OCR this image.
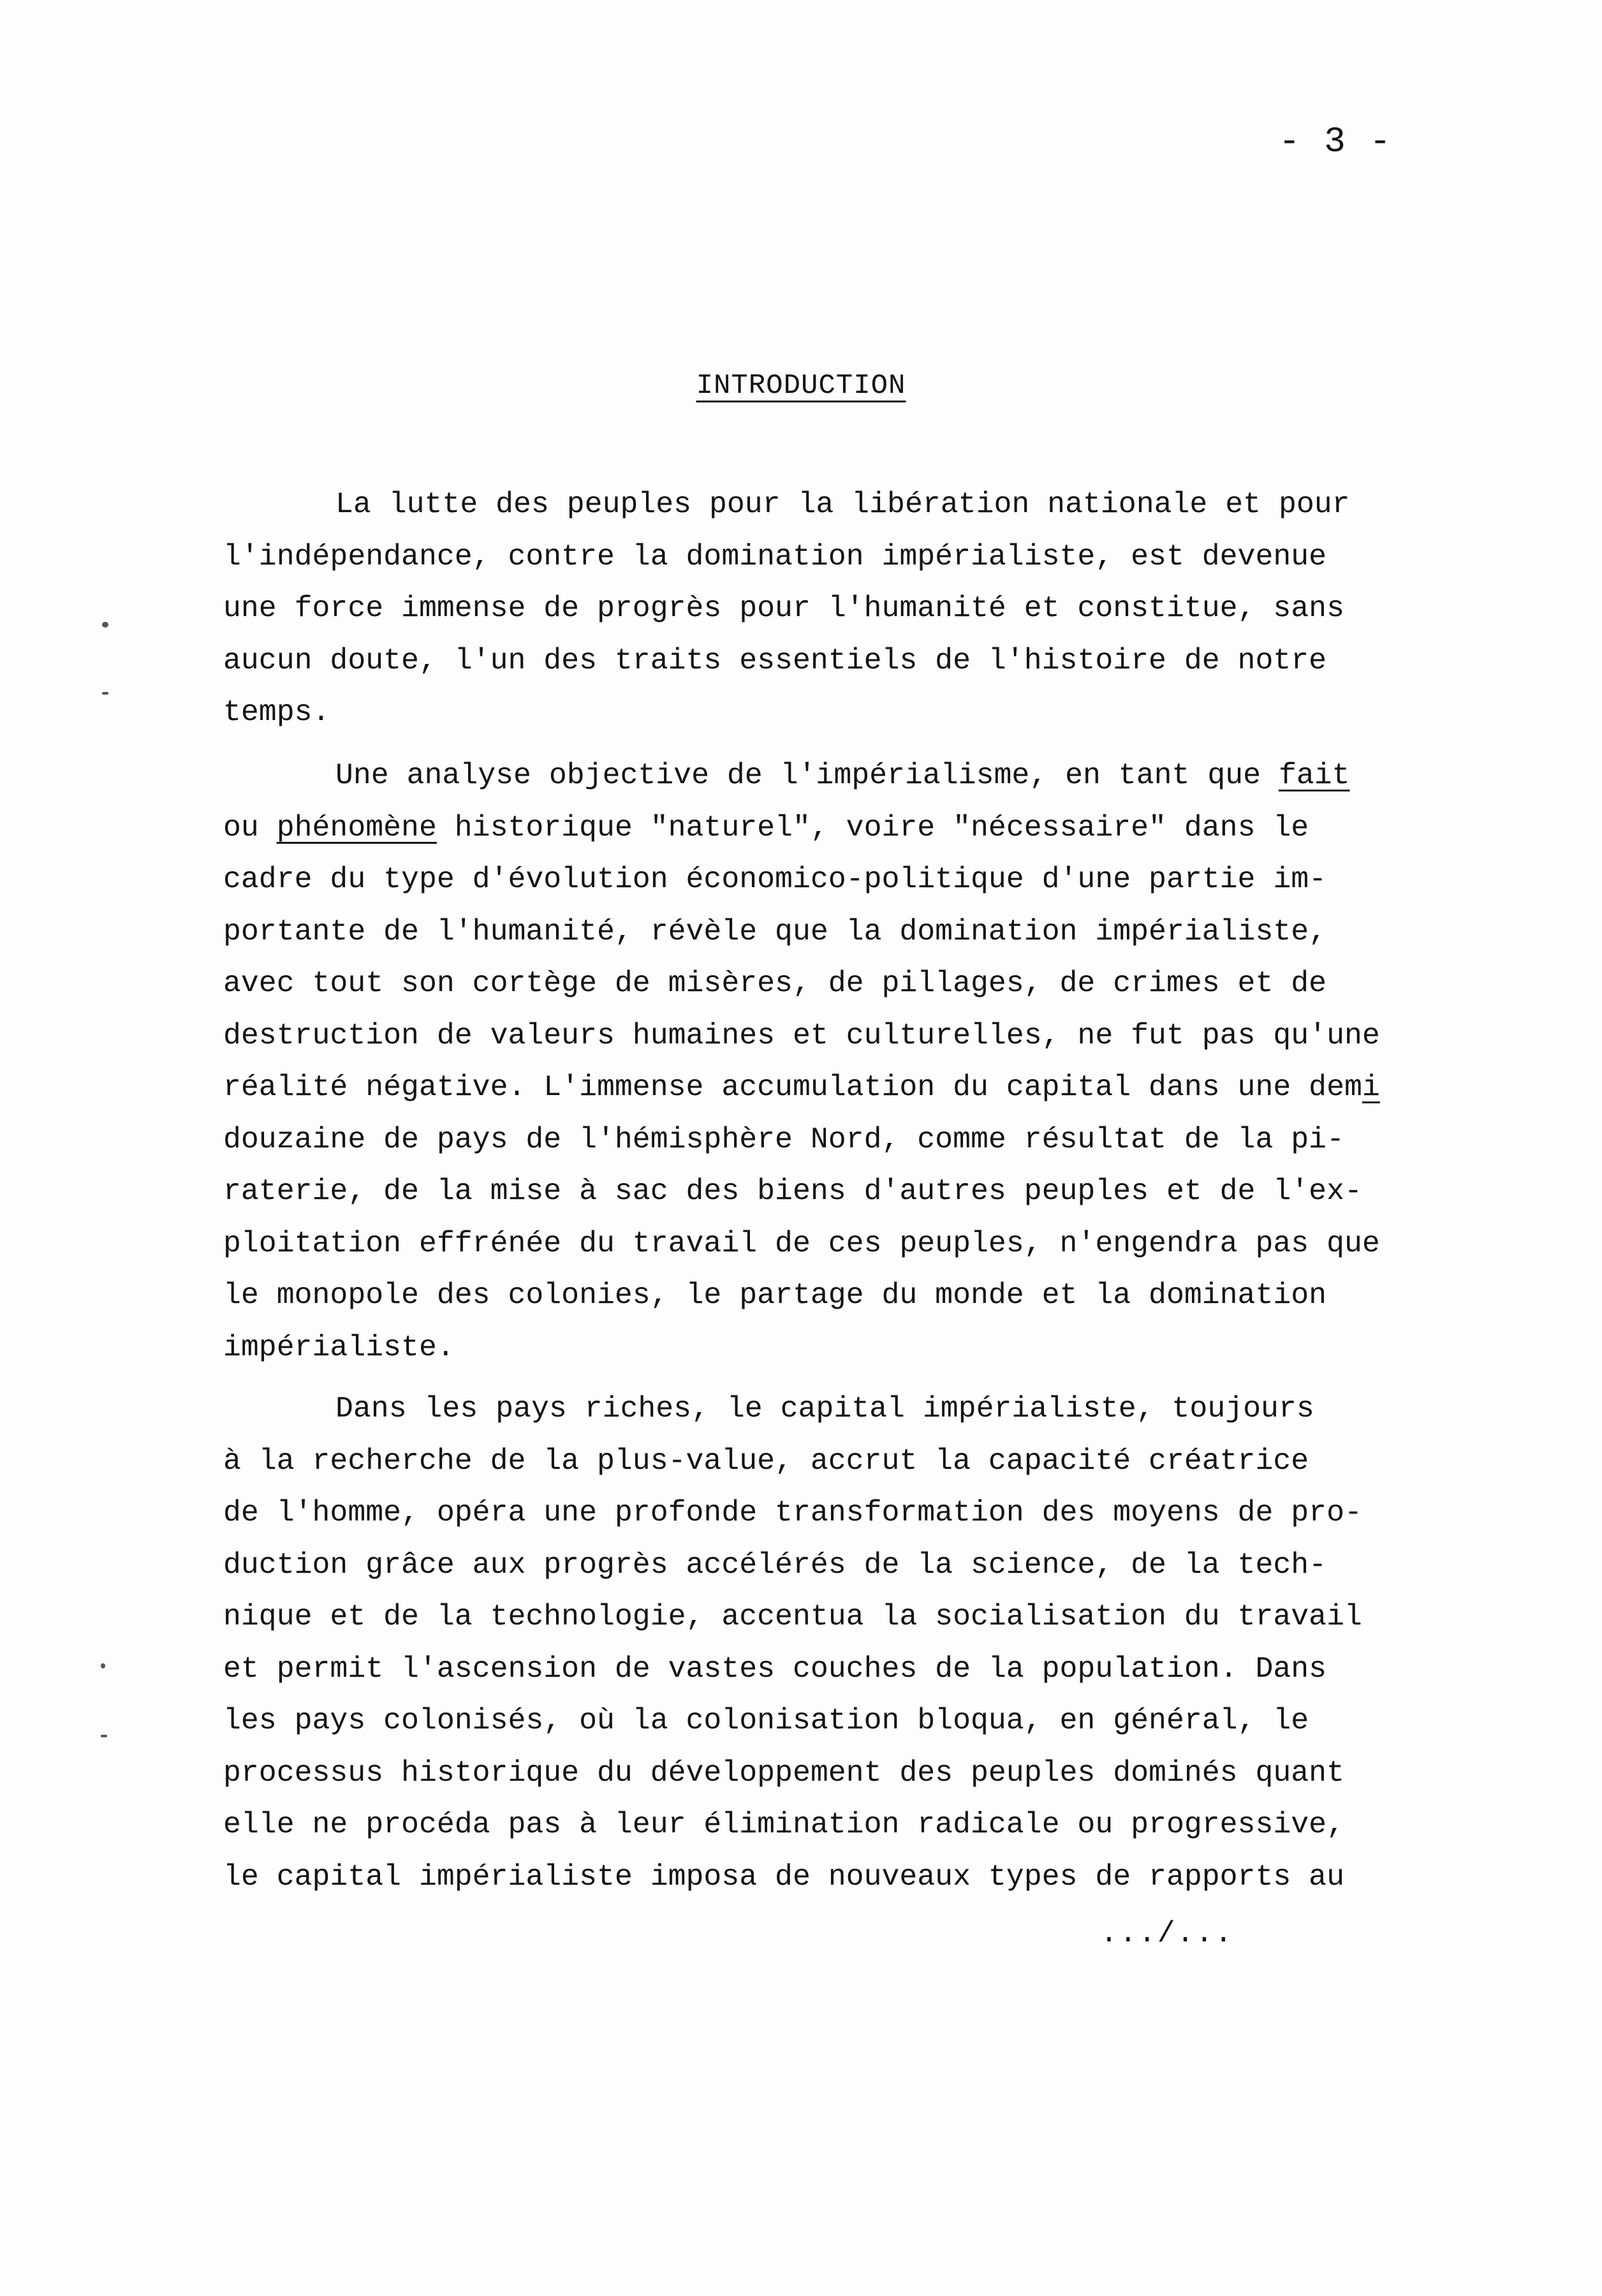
- 3 -
INTRODUCTION
La lutte des peuples pour la libération nationale et pour
l'indépendance, contre la domination impérialiste, est devenue
une force immense de progrès pour l'humanité et constitue, sans
aucun doute, l'un des traits essentiels de l'histoire de notre
temps.
Une analyse objective de l'impérialisme, en tant que fait
ou phénomène historique "naturel", voire "nécessaire" dans le
cadre du type d'évolution économico-politique d'une partie im-
portante de l'humanité, révèle que la domination impérialiste,
avec tout son cortège de misères, de pillages, de crimes et de
destruction de valeurs humaines et culturelles, ne fut pas qu'une
réalité négative. L'immense accumulation du capital dans une demi
douzaine de pays de l'hémisphère Nord, comme résultat de la pi-
raterie, de la mise à sac des biens d'autres peuples et de l'ex-
ploitation effrénée du travail de ces peuples, n'engendra pas que
le monopole des colonies, le partage du monde et la domination
impérialiste.
Dans les pays riches, le capital impérialiste, toujours
à la recherche de la plus-value, accrut la capacité créatrice
de l'homme, opéra une profonde transformation des moyens de pro-
duction grâce aux progrès accélérés de la science, de la tech-
nique et de la technologie, accentua la socialisation du travail
et permit l'ascension de vastes couches de la population. Dans
les pays colonisés, où la colonisation bloqua, en général, le
processus historique du développement des peuples dominés quant
elle ne procéda pas à leur élimination radicale ou progressive,
le capital impérialiste imposa de nouveaux types de rapports au
.../...
